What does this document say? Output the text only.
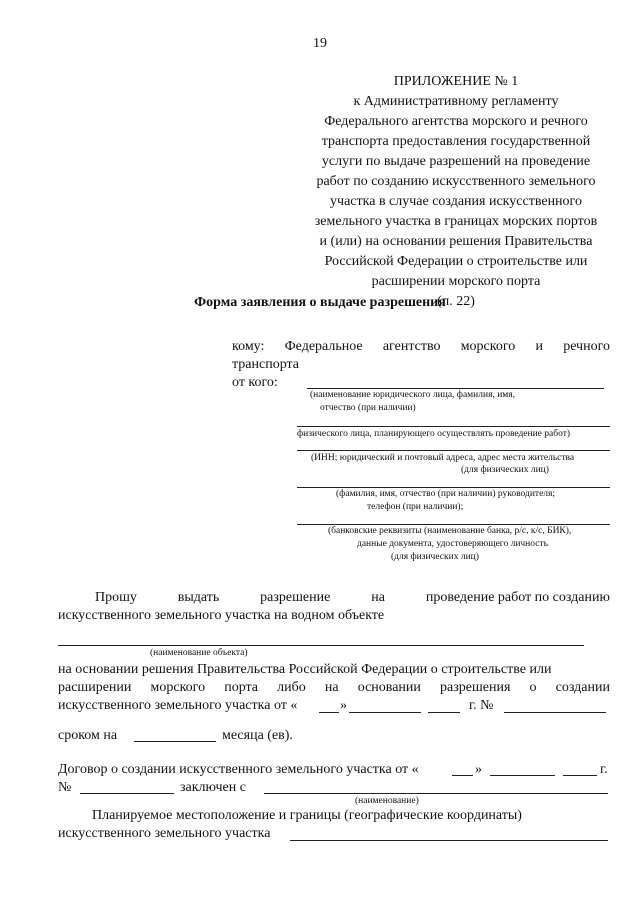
19
ПРИЛОЖЕНИЕ № 1
к Административному регламенту
Федерального агентства морского и речного
транспорта предоставления государственной
услуги по выдаче разрешений на проведение
работ по созданию искусственного земельного
участка в случае создания искусственного
земельного участка в границах морских портов
и (или) на основании решения Правительства
Российской Федерации о строительстве или
расширении морского порта
(п. 22)
Форма заявления о выдаче разрешения
кому: Федеральное агентство морского и речного
транспорта
от кого:
(наименование юридического лица, фамилия, имя,
отчество (при наличии)
физического лица, планирующего осуществлять проведение работ)
(ИНН; юридический и почтовый адреса, адрес места жительства
(для физических лиц)
(фамилия, имя, отчество (при наличии) руководителя;
телефон (при наличии);
(банковские реквизиты (наименование банка, р/с, к/с, БИК),
данные документа, удостоверяющего личность
(для физических лиц)
Прошу	выдать	разрешение	на	проведение работ по созданию
искусственного земельного участка на водном объекте
(наименование объекта)
на основании решения Правительства Российской Федерации о строительстве или
расширении морского порта либо на основании разрешения о создании
искусственного земельного участка от «	»	г. №
сроком на	месяца (ев).
Договор о создании искусственного земельного участка от «	»	г.
№	заключен с
(наименование)
Планируемое местоположение и границы (географические координаты)
искусственного земельного участка
